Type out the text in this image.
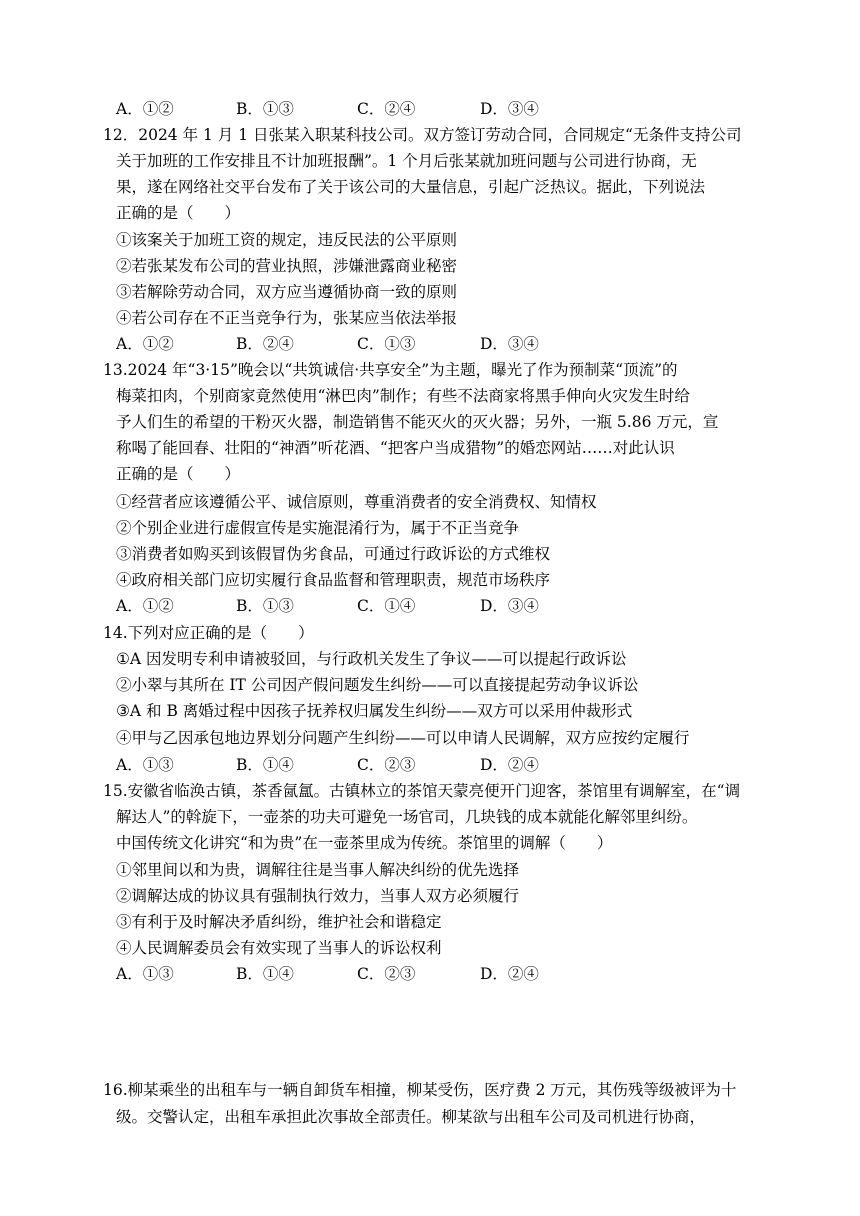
A．①②	B．①③	C．②④	D．③④
12．2024 年 1 月 1 日张某入职某科技公司。双方签订劳动合同，合同规定“无条件支持公司
关于加班的工作安排且不计加班报酬”。1 个月后张某就加班问题与公司进行协商，无
果，遂在网络社交平台发布了关于该公司的大量信息，引起广泛热议。据此，下列说法
正确的是（　　）
①该案关于加班工资的规定，违反民法的公平原则
②若张某发布公司的营业执照，涉嫌泄露商业秘密
③若解除劳动合同，双方应当遵循协商一致的原则
④若公司存在不正当竞争行为，张某应当依法举报
A．①②	B．②④	C．①③	D．③④
13.2024 年“3·15”晚会以“共筑诚信·共享安全”为主题，曝光了作为预制菜“顶流”的
梅菜扣肉，个别商家竟然使用“淋巴肉”制作；有些不法商家将黑手伸向火灾发生时给
予人们生的希望的干粉灭火器，制造销售不能灭火的灭火器；另外，一瓶 5.86 万元，宣
称喝了能回春、壮阳的“神酒”听花酒、“把客户当成猎物”的婚恋网站……对此认识
正确的是（　　）
①经营者应该遵循公平、诚信原则，尊重消费者的安全消费权、知情权
②个别企业进行虚假宣传是实施混淆行为，属于不正当竞争
③消费者如购买到该假冒伪劣食品，可通过行政诉讼的方式维权
④政府相关部门应切实履行食品监督和管理职责，规范市场秩序
A．①②	B．①③	C．①④	D．③④
14.下列对应正确的是（　　）
①A 因发明专利申请被驳回，与行政机关发生了争议——可以提起行政诉讼
②小翠与其所在 IT 公司因产假问题发生纠纷——可以直接提起劳动争议诉讼
③A 和 B 离婚过程中因孩子抚养权归属发生纠纷——双方可以采用仲裁形式
④甲与乙因承包地边界划分问题产生纠纷——可以申请人民调解，双方应按约定履行
A．①③	B．①④	C．②③	D．②④
15.安徽省临涣古镇，茶香氤氲。古镇林立的茶馆天蒙亮便开门迎客，茶馆里有调解室，在“调
解达人”的斡旋下，一壶茶的功夫可避免一场官司，几块钱的成本就能化解邻里纠纷。
中国传统文化讲究“和为贵”在一壶茶里成为传统。茶馆里的调解（　　）
①邻里间以和为贵，调解往往是当事人解决纠纷的优先选择
②调解达成的协议具有强制执行效力，当事人双方必须履行
③有利于及时解决矛盾纠纷，维护社会和谐稳定
④人民调解委员会有效实现了当事人的诉讼权利
A．①③	B．①④	C．②③	D．②④
16.柳某乘坐的出租车与一辆自卸货车相撞，柳某受伤，医疗费 2 万元，其伤残等级被评为十
级。交警认定，出租车承担此次事故全部责任。柳某欲与出租车公司及司机进行协商，
